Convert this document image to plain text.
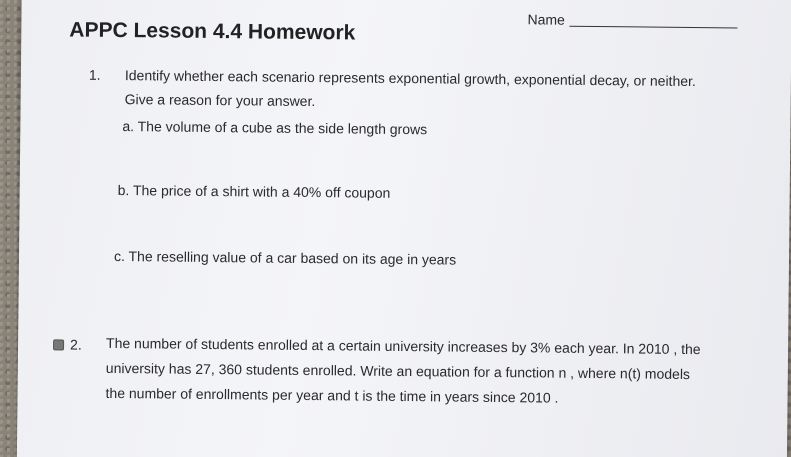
Name
APPC Lesson 4.4 Homework
1. Identify whether each scenario represents exponential growth, exponential decay, or neither.
Give a reason for your answer.
a. The volume of a cube as the side length grows
b. The price of a shirt with a 40% off coupon
c. The reselling value of a car based on its age in years
2. The number of students enrolled at a certain university increases by 3% each year. In 2010 , the
university has 27, 360 students enrolled. Write an equation for a function n , where n(t) models
the number of enrollments per year and t is the time in years since 2010 .
